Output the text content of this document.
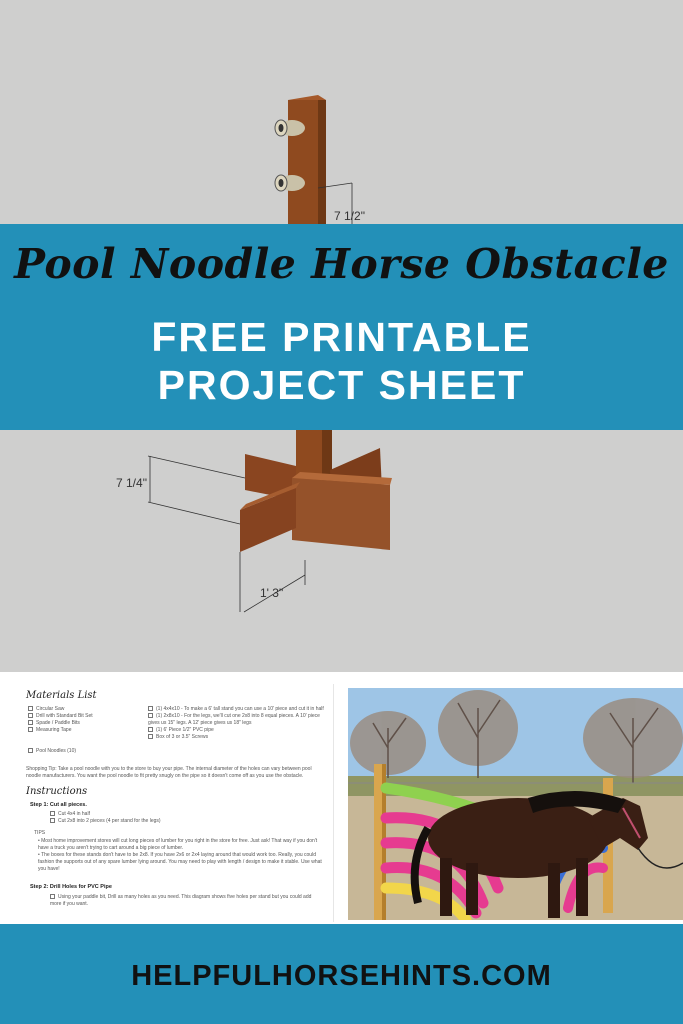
7 1/2"
7 1/4"
1' 3"
Pool Noodle Horse Obstacle
FREE PRINTABLE
PROJECT SHEET
Materials List
Circular Saw
Drill with Standard Bit Set
Spade / Paddle Bits
Measuring Tape
Pool Noodles (10)
(1) 4x4x10 - To make a 6' tall stand you can use a 10' piece and cut it in half
(1) 2x8x10 - For the legs, we'll cut one 2x8 into 8 equal pieces. A 10' piece gives us 15" legs. A 12' piece gives us 18" legs
(1) 6' Piece 1/2" PVC pipe
Box of 3 or 3.5" Screws
Shopping Tip: Take a pool noodle with you to the store to buy your pipe. The internal diameter of the holes can vary between pool noodle manufacturers. You want the pool noodle to fit pretty snugly on the pipe so it doesn't come off as you use the obstacle.
Instructions
Step 1: Cut all pieces.
Cut 4x4 in half
Cut 2x8 into 2 pieces (4 per stand for the legs)
TIPS
• Most home improvement stores will cut long pieces of lumber for you right in the store for free. Just ask! That way if you don't have a truck you aren't trying to cart around a big piece of lumber.
• The boxes for these stands don't have to be 2x8. If you have 2x6 or 2x4 laying around that would work too. Really, you could fashion the supports out of any spare lumber lying around. You may need to play with length / design to make it stable. Use what you have!
Step 2: Drill Holes for PVC Pipe
Using your paddle bit, Drill as many holes as you need. This diagram shows five holes per stand but you could add more if you want.
HELPFULHORSEHINTS.COM
